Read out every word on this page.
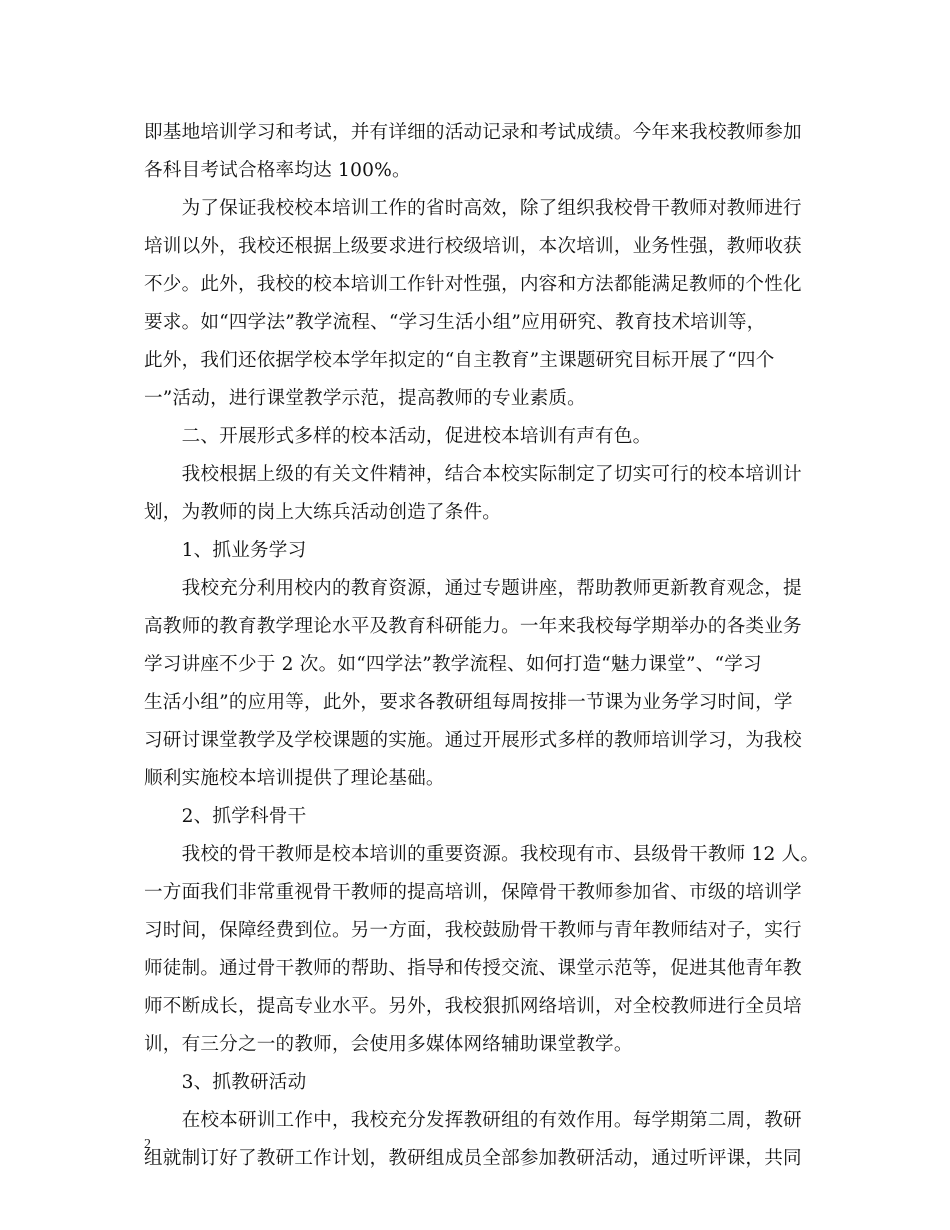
即基地培训学习和考试，并有详细的活动记录和考试成绩。今年来我校教师参加
各科目考试合格率均达 100%。
　　为了保证我校校本培训工作的省时高效，除了组织我校骨干教师对教师进行
培训以外，我校还根据上级要求进行校级培训，本次培训，业务性强，教师收获
不少。此外，我校的校本培训工作针对性强，内容和方法都能满足教师的个性化
要求。如“四学法”教学流程、“学习生活小组”应用研究、教育技术培训等，
此外，我们还依据学校本学年拟定的“自主教育”主课题研究目标开展了“四个
一”活动，进行课堂教学示范，提高教师的专业素质。
　　二、开展形式多样的校本活动，促进校本培训有声有色。
　　我校根据上级的有关文件精神，结合本校实际制定了切实可行的校本培训计
划，为教师的岗上大练兵活动创造了条件。
　　1、抓业务学习
　　我校充分利用校内的教育资源，通过专题讲座，帮助教师更新教育观念，提
高教师的教育教学理论水平及教育科研能力。一年来我校每学期举办的各类业务
学习讲座不少于 2 次。如“四学法”教学流程、如何打造“魅力课堂”、“学习
生活小组”的应用等，此外，要求各教研组每周按排一节课为业务学习时间，学
习研讨课堂教学及学校课题的实施。通过开展形式多样的教师培训学习，为我校
顺利实施校本培训提供了理论基础。
　　2、抓学科骨干
　　我校的骨干教师是校本培训的重要资源。我校现有市、县级骨干教师 12 人。
一方面我们非常重视骨干教师的提高培训，保障骨干教师参加省、市级的培训学
习时间，保障经费到位。另一方面，我校鼓励骨干教师与青年教师结对子，实行
师徒制。通过骨干教师的帮助、指导和传授交流、课堂示范等，促进其他青年教
师不断成长，提高专业水平。另外，我校狠抓网络培训，对全校教师进行全员培
训，有三分之一的教师，会使用多媒体网络辅助课堂教学。
　　3、抓教研活动
　　在校本研训工作中，我校充分发挥教研组的有效作用。每学期第二周，教研
组就制订好了教研工作计划，教研组成员全部参加教研活动，通过听评课，共同
2
